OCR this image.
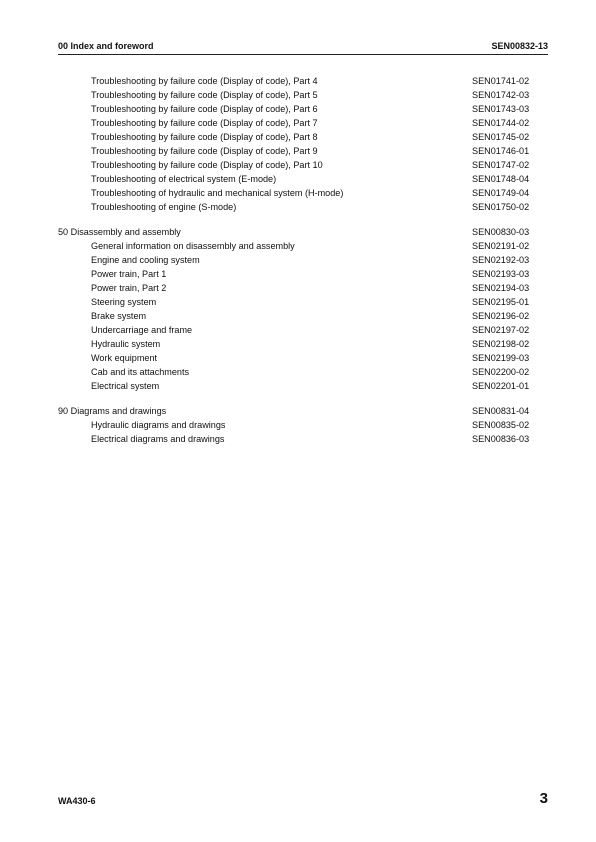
00 Index and foreword	SEN00832-13
Troubleshooting by failure code (Display of code), Part 4	SEN01741-02
Troubleshooting by failure code (Display of code), Part 5	SEN01742-03
Troubleshooting by failure code (Display of code), Part 6	SEN01743-03
Troubleshooting by failure code (Display of code), Part 7	SEN01744-02
Troubleshooting by failure code (Display of code), Part 8	SEN01745-02
Troubleshooting by failure code (Display of code), Part 9	SEN01746-01
Troubleshooting by failure code (Display of code), Part 10	SEN01747-02
Troubleshooting of electrical system (E-mode)	SEN01748-04
Troubleshooting of hydraulic and mechanical system (H-mode)	SEN01749-04
Troubleshooting of engine (S-mode)	SEN01750-02
50 Disassembly and assembly	SEN00830-03
General information on disassembly and assembly	SEN02191-02
Engine and cooling system	SEN02192-03
Power train, Part 1	SEN02193-03
Power train, Part 2	SEN02194-03
Steering system	SEN02195-01
Brake system	SEN02196-02
Undercarriage and frame	SEN02197-02
Hydraulic system	SEN02198-02
Work equipment	SEN02199-03
Cab and its attachments	SEN02200-02
Electrical system	SEN02201-01
90 Diagrams and drawings	SEN00831-04
Hydraulic diagrams and drawings	SEN00835-02
Electrical diagrams and drawings	SEN00836-03
WA430-6	3
